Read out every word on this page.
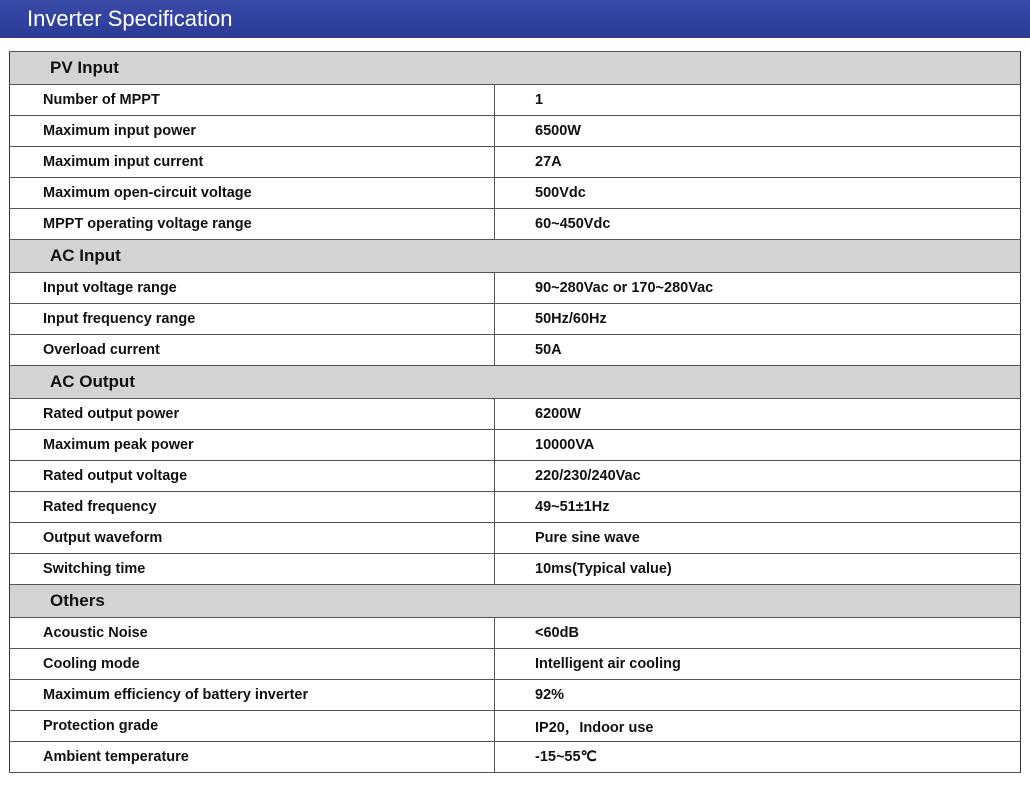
Inverter Specification
PV Input	
Number of MPPT	1
Maximum input power	6500W
Maximum input current	27A
Maximum open-circuit voltage	500Vdc
MPPT operating voltage range	60~450Vdc
AC Input	
Input voltage range	90~280Vac or 170~280Vac
Input frequency range	50Hz/60Hz
Overload current	50A
AC Output	
Rated output power	6200W
Maximum peak power	10000VA
Rated output voltage	220/230/240Vac
Rated frequency	49~51±1Hz
Output waveform	Pure sine wave
Switching time	10ms(Typical value)
Others	
Acoustic Noise	<60dB
Cooling mode	Intelligent air cooling
Maximum efficiency of battery inverter	92%
Protection grade	IP20，Indoor use
Ambient temperature	-15~55℃
